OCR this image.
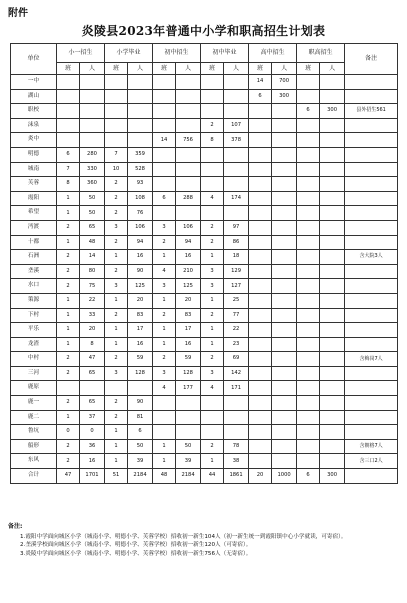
附件
炎陵县2023年普通中小学和职高招生计划表
单位	小一招生		小学毕业		初中招生		初中毕业		高中招生		职高招生		备注
	班	人	班	人	班	人	班	人	班	人	班	人	
一中									14	700			
湖山									6	300			
职校											6	300	县外招生561
沫泉							2	107					
炎中					14	756	8	378					
明德	6	280	7	359									
城南	7	330	10	528									
芙蓉	8	360	2	93									
霞阳	1	50	2	108	6	288	4	174					
希望	1	50	2	76									
沔渡	2	65	3	106	3	106	2	97					
十都	1	48	2	94	2	94	2	86					
石洲	2	14	1	16	1	16	1	18					含大院3人
垄溪	2	80	2	90	4	210	3	129					
水口	2	75	3	125	3	125	3	127					
策源	1	22	1	20	1	20	1	25					
下村	1	33	2	83	2	83	2	77					
平乐	1	20	1	17	1	17	1	22					
龙渣	1	8	1	16	1	16	1	23					
中村	2	47	2	59	2	59	2	69					含梅岗7人
三河	2	65	3	128	3	128	3	142					
鹿原					4	177	4	171					
鹿一	2	65	2	90									
鹿二	1	37	2	81									
鲁坑	0	0	1	6									
船形	2	36	1	50	1	50	2	78					含朝格7人
东风	2	16	1	39	1	39	1	38					含三口2人
合计	47	1701	51	2184	48	2184	44	1861	20	1000	6	300	
备注:
1.霞阳中学面向城区小学（城南小学、明德小学、芙蓉学校）招收初一新生104人（初一新生统一到霞阳镇中心小学就读，可寄宿）。
2.垄溪学校面向城区小学（城南小学、明德小学、芙蓉学校）招收初一新生120人（可寄宿）。
3.炎陵中学面向城区小学（城南小学、明德小学、芙蓉学校）招收初一新生756人（无寄宿）。
